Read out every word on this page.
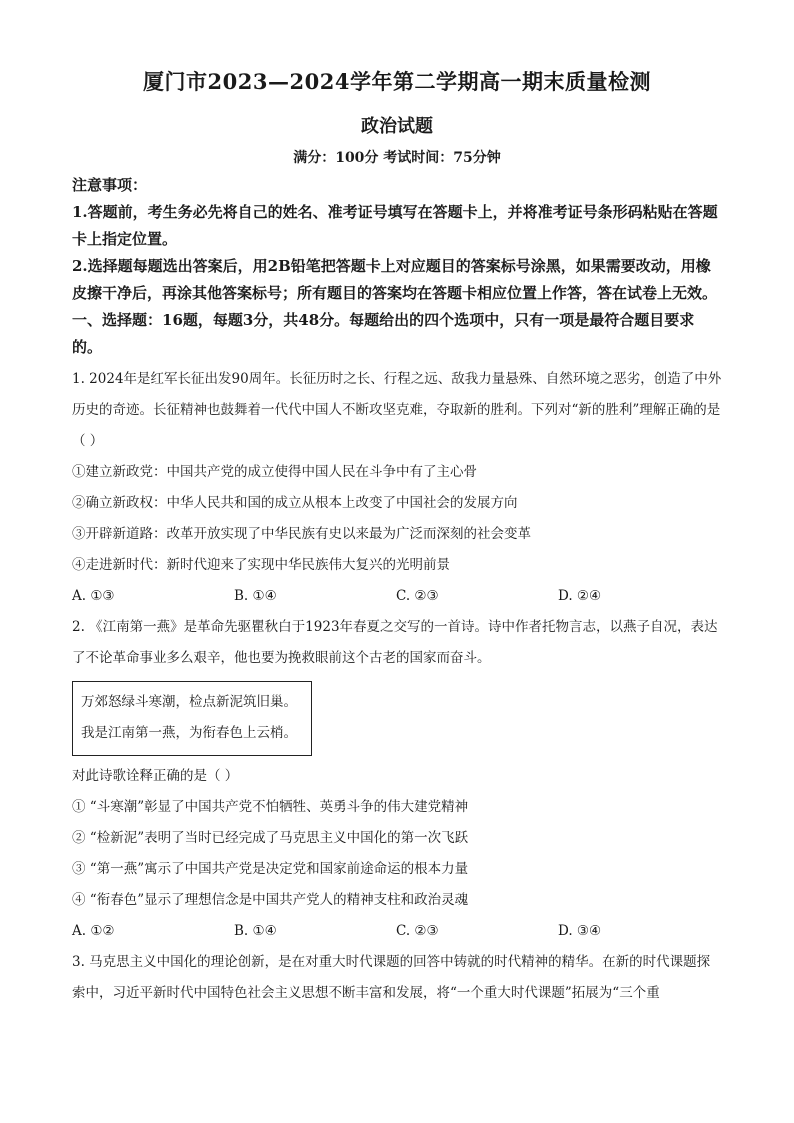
厦门市2023—2024学年第二学期高一期末质量检测
政治试题
满分：100分 考试时间：75分钟

注意事项：

1.答题前，考生务必先将自己的姓名、准考证号填写在答题卡上，并将准考证号条形码粘贴在答题卡上指定位置。

2.选择题每题选出答案后，用2B铅笔把答题卡上对应题目的答案标号涂黑，如果需要改动，用橡皮擦干净后，再涂其他答案标号；所有题目的答案均在答题卡相应位置上作答，答在试卷上无效。

一、选择题：16题，每题3分，共48分。每题给出的四个选项中，只有一项是最符合题目要求的。

1. 2024年是红军长征出发90周年。长征历时之长、行程之远、敌我力量悬殊、自然环境之恶劣，创造了中外历史的奇迹。长征精神也鼓舞着一代代中国人不断攻坚克难，夺取新的胜利。下列对“新的胜利”理解正确的是（ ）

①建立新政党：中国共产党的成立使得中国人民在斗争中有了主心骨

②确立新政权：中华人民共和国的成立从根本上改变了中国社会的发展方向

③开辟新道路：改革开放实现了中华民族有史以来最为广泛而深刻的社会变革

④走进新时代：新时代迎来了实现中华民族伟大复兴的光明前景

A. ①③	B. ①④	C. ②③	D. ②④

2. 《江南第一燕》是革命先驱瞿秋白于1923年春夏之交写的一首诗。诗中作者托物言志，以燕子自况，表达了不论革命事业多么艰辛，他也要为挽救眼前这个古老的国家而奋斗。

万郊怒绿斗寒潮，检点新泥筑旧巢。

我是江南第一燕，为衔春色上云梢。

对此诗歌诠释正确的是（ ）

① “斗寒潮”彰显了中国共产党不怕牺牲、英勇斗争的伟大建党精神

② “检新泥”表明了当时已经完成了马克思主义中国化的第一次飞跃

③ “第一燕”寓示了中国共产党是决定党和国家前途命运的根本力量

④ “衔春色”显示了理想信念是中国共产党人的精神支柱和政治灵魂

A. ①②	B. ①④	C. ②③	D. ③④

3. 马克思主义中国化的理论创新，是在对重大时代课题的回答中铸就的时代精神的精华。在新的时代课题探索中，习近平新时代中国特色社会主义思想不断丰富和发展，将“一个重大时代课题”拓展为“三个重
